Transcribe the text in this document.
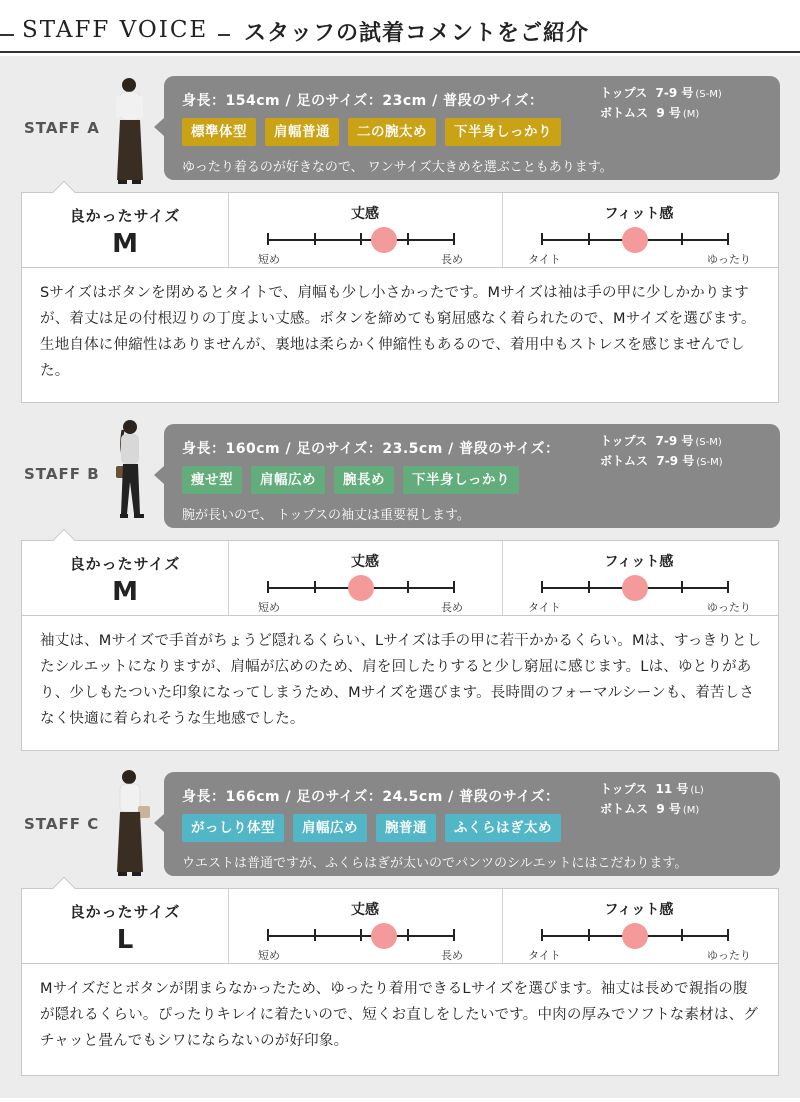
STAFF VOICE スタッフの試着コメントをご紹介
STAFF A
身長：154cm / 足のサイズ：23cm / 普段のサイズ：	トップス 7-9 号 (S-M)
ボトムス 9 号 (M)
標準体型	肩幅普通	二の腕太め	下半身しっかり
ゆったり着るのが好きなので、 ワンサイズ大きめを選ぶこともあります。
良かったサイズ
M
丈感
短め	長め
フィット感
タイト	ゆったり
Sサイズはボタンを閉めるとタイトで、肩幅も少し小さかったです。Mサイズは袖は手の甲に少しかかりますが、着丈は足の付根辺りの丁度よい丈感。ボタンを締めても窮屈感なく着られたので、Mサイズを選びます。生地自体に伸縮性はありませんが、裏地は柔らかく伸縮性もあるので、着用中もストレスを感じませんでした。
STAFF B
身長：160cm / 足のサイズ：23.5cm / 普段のサイズ：	トップス 7-9 号 (S-M)
ボトムス 7-9 号 (S-M)
痩せ型	肩幅広め	腕長め	下半身しっかり
腕が長いので、 トップスの袖丈は重要視します。
良かったサイズ
M
丈感
短め	長め
フィット感
タイト	ゆったり
袖丈は、Mサイズで手首がちょうど隠れるくらい、Lサイズは手の甲に若干かかるくらい。Mは、すっきりとしたシルエットになりますが、肩幅が広めのため、肩を回したりすると少し窮屈に感じます。Lは、ゆとりがあり、少しもたついた印象になってしまうため、Mサイズを選びます。長時間のフォーマルシーンも、着苦しさなく快適に着られそうな生地感でした。
STAFF C
身長：166cm / 足のサイズ：24.5cm / 普段のサイズ：	トップス 11 号 (L)
ボトムス 9 号 (M)
がっしり体型	肩幅広め	腕普通	ふくらはぎ太め
ウエストは普通ですが、ふくらはぎが太いのでパンツのシルエットにはこだわります。
良かったサイズ
L
丈感
短め	長め
フィット感
タイト	ゆったり
Mサイズだとボタンが閉まらなかったため、ゆったり着用できるLサイズを選びます。袖丈は長めで親指の腹が隠れるくらい。ぴったりキレイに着たいので、短くお直しをしたいです。中肉の厚みでソフトな素材は、グチャッと畳んでもシワにならないのが好印象。
